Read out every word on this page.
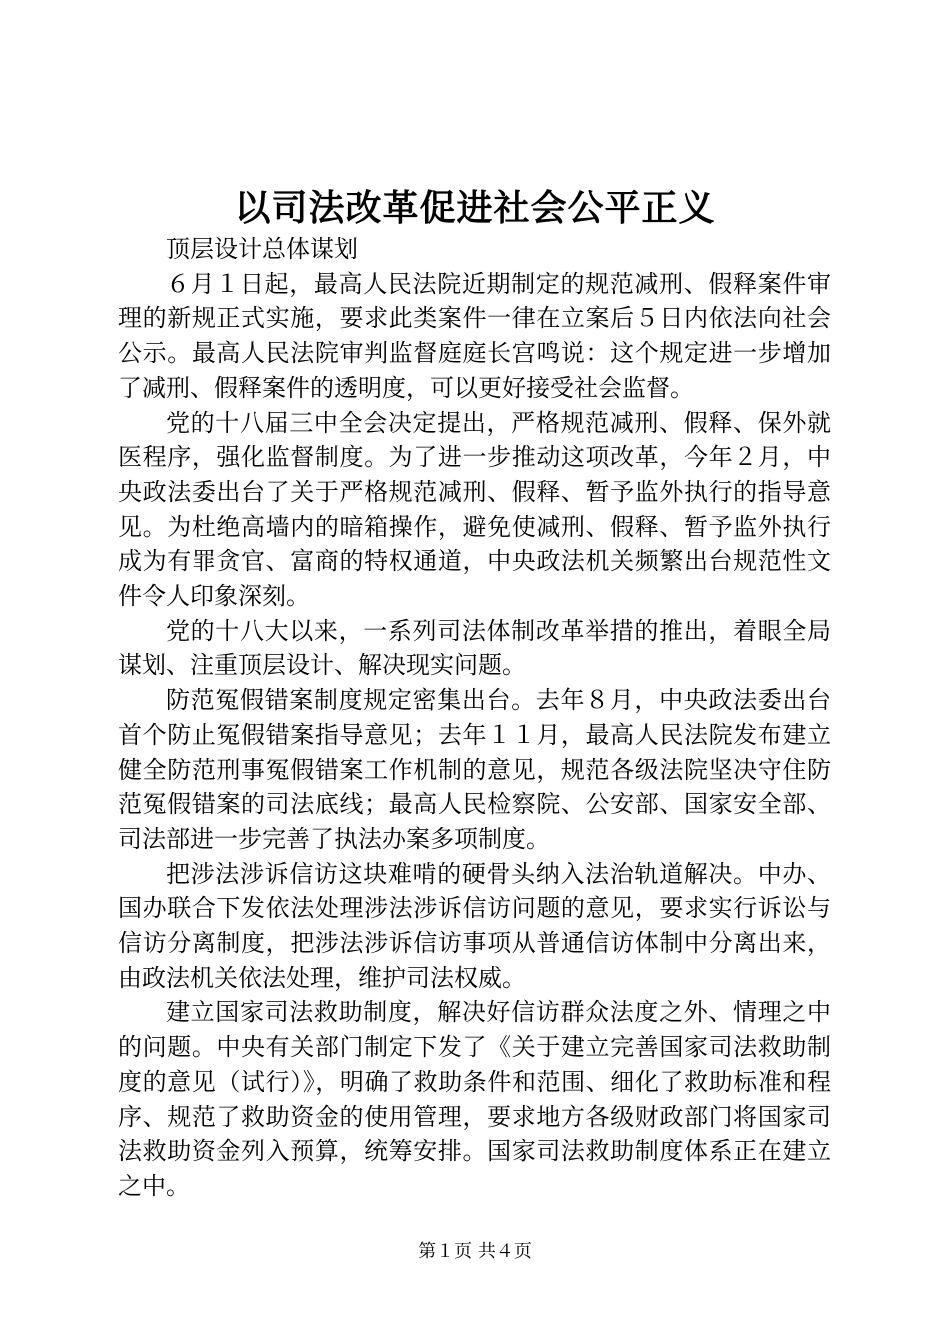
以司法改革促进社会公平正义

顶层设计总体谋划

６月１日起，最高人民法院近期制定的规范减刑、假释案件审理的新规正式实施，要求此类案件一律在立案后５日内依法向社会公示。最高人民法院审判监督庭庭长宫鸣说：这个规定进一步增加了减刑、假释案件的透明度，可以更好接受社会监督。

党的十八届三中全会决定提出，严格规范减刑、假释、保外就医程序，强化监督制度。为了进一步推动这项改革，今年２月，中央政法委出台了关于严格规范减刑、假释、暂予监外执行的指导意见。为杜绝高墙内的暗箱操作，避免使减刑、假释、暂予监外执行成为有罪贪官、富商的特权通道，中央政法机关频繁出台规范性文件令人印象深刻。

党的十八大以来，一系列司法体制改革举措的推出，着眼全局谋划、注重顶层设计、解决现实问题。

防范冤假错案制度规定密集出台。去年８月，中央政法委出台首个防止冤假错案指导意见；去年１１月，最高人民法院发布建立健全防范刑事冤假错案工作机制的意见，规范各级法院坚决守住防范冤假错案的司法底线；最高人民检察院、公安部、国家安全部、司法部进一步完善了执法办案多项制度。

把涉法涉诉信访这块难啃的硬骨头纳入法治轨道解决。中办、国办联合下发依法处理涉法涉诉信访问题的意见，要求实行诉讼与信访分离制度，把涉法涉诉信访事项从普通信访体制中分离出来，由政法机关依法处理，维护司法权威。

建立国家司法救助制度，解决好信访群众法度之外、情理之中的问题。中央有关部门制定下发了《关于建立完善国家司法救助制度的意见（试行）》，明确了救助条件和范围、细化了救助标准和程序、规范了救助资金的使用管理，要求地方各级财政部门将国家司法救助资金列入预算，统筹安排。国家司法救助制度体系正在建立之中。

第１页 共４页
